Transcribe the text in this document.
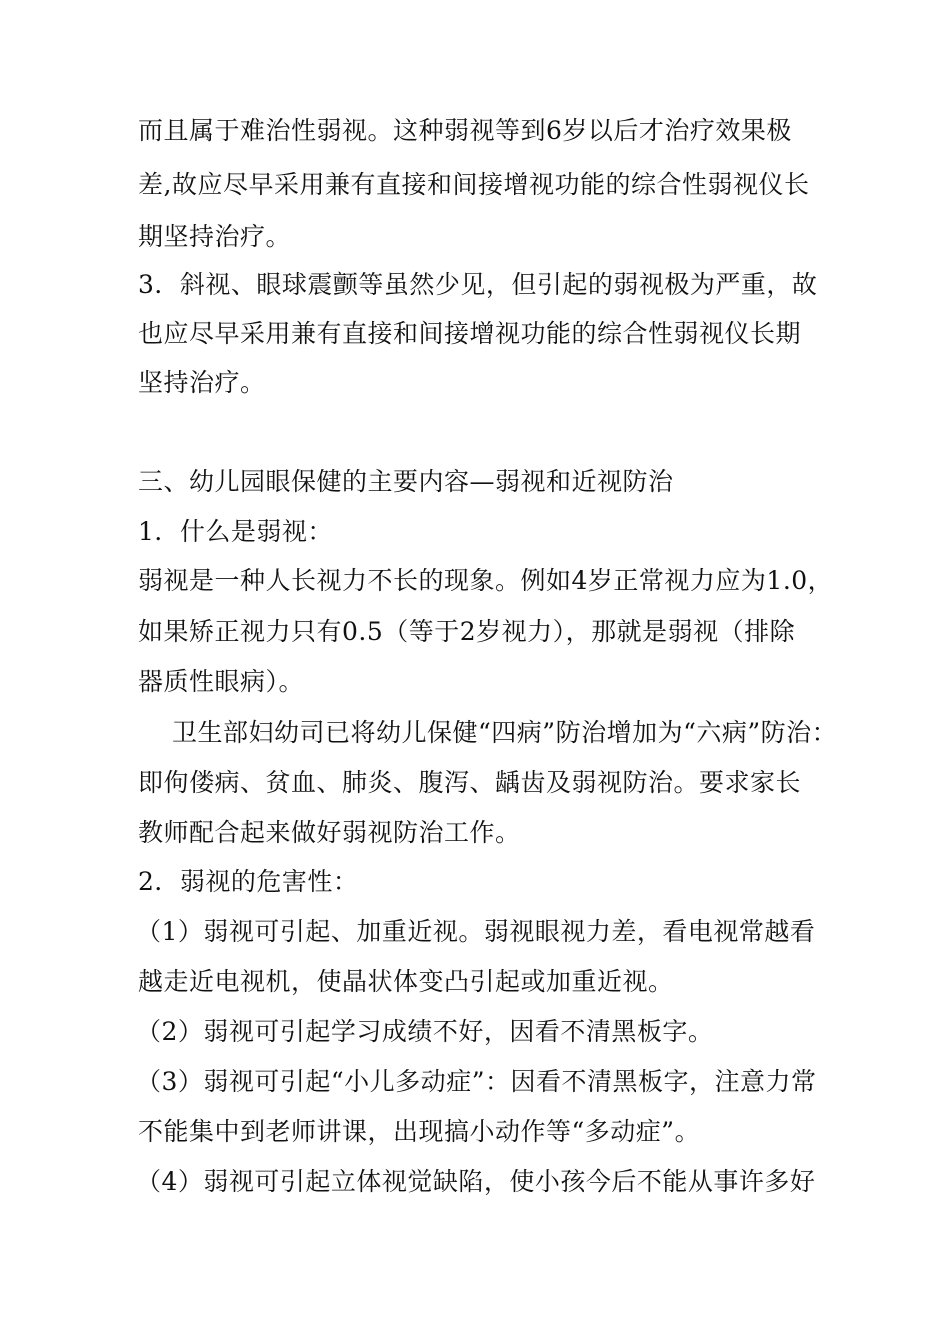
而且属于难治性弱视。这种弱视等到6岁以后才治疗效果极
差,故应尽早采用兼有直接和间接增视功能的综合性弱视仪长
期坚持治疗。
3．斜视、眼球震颤等虽然少见，但引起的弱视极为严重，故
也应尽早采用兼有直接和间接增视功能的综合性弱视仪长期
坚持治疗。
三、幼儿园眼保健的主要内容—弱视和近视防治
1．什么是弱视：
弱视是一种人长视力不长的现象。例如4岁正常视力应为1.0，
如果矫正视力只有0.5（等于2岁视力），那就是弱视（排除
器质性眼病）。
卫生部妇幼司已将幼儿保健“四病”防治增加为“六病”防治：
即佝偻病、贫血、肺炎、腹泻、龋齿及弱视防治。要求家长
教师配合起来做好弱视防治工作。
2．弱视的危害性：
（1）弱视可引起、加重近视。弱视眼视力差，看电视常越看
越走近电视机，使晶状体变凸引起或加重近视。
（2）弱视可引起学习成绩不好，因看不清黑板字。
（3）弱视可引起“小儿多动症”：因看不清黑板字，注意力常
不能集中到老师讲课，出现搞小动作等“多动症”。
（4）弱视可引起立体视觉缺陷，使小孩今后不能从事许多好
